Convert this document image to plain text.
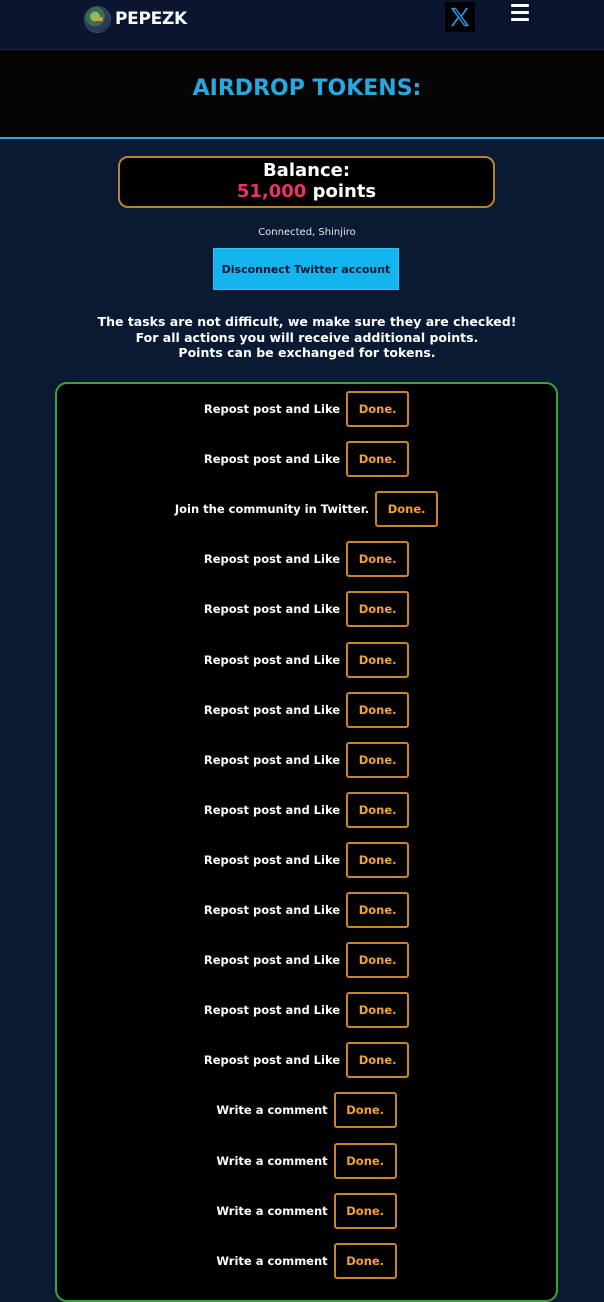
PEPEZK
AIRDROP TOKENS:
Balance:
51,000 points
Connected, Shinjiro
Disconnect Twitter account

The tasks are not difficult, we make sure they are checked!

For all actions you will receive additional points.

Points can be exchanged for tokens.

Repost post and Like	Done.
Repost post and Like	Done.
Join the community in Twitter.	Done.
Repost post and Like	Done.
Repost post and Like	Done.
Repost post and Like	Done.
Repost post and Like	Done.
Repost post and Like	Done.
Repost post and Like	Done.
Repost post and Like	Done.
Repost post and Like	Done.
Repost post and Like	Done.
Repost post and Like	Done.
Repost post and Like	Done.
Write a comment	Done.
Write a comment	Done.
Write a comment	Done.
Write a comment	Done.
